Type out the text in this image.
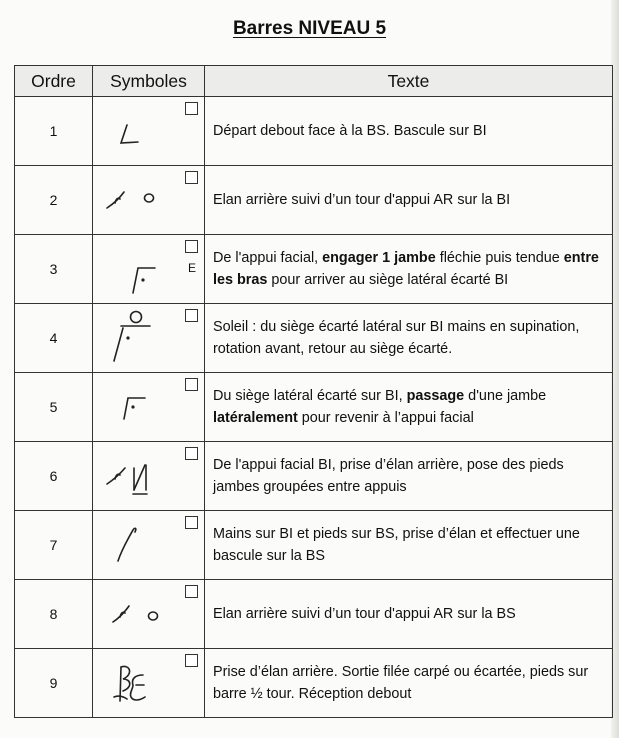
Barres NIVEAU 5
Ordre	Symboles	Texte
1		Départ debout face à la BS. Bascule sur BI
2		Elan arrière suivi d’un tour d'appui AR sur la BI
3	E	De l'appui facial, engager 1 jambe fléchie puis tendue entre les bras pour arriver au siège latéral écarté BI
4		Soleil : du siège écarté latéral sur BI mains en supination, rotation avant, retour au siège écarté.
5		Du siège latéral écarté sur BI, passage d'une jambe latéralement pour revenir à l’appui facial
6		De l'appui facial BI, prise d’élan arrière, pose des pieds jambes groupées entre appuis
7		Mains sur BI et pieds sur BS, prise d’élan et effectuer une bascule sur la BS
8		Elan arrière suivi d’un tour d'appui AR sur la BS
9		Prise d’élan arrière. Sortie filée carpé ou écartée, pieds sur barre ½ tour. Réception debout
